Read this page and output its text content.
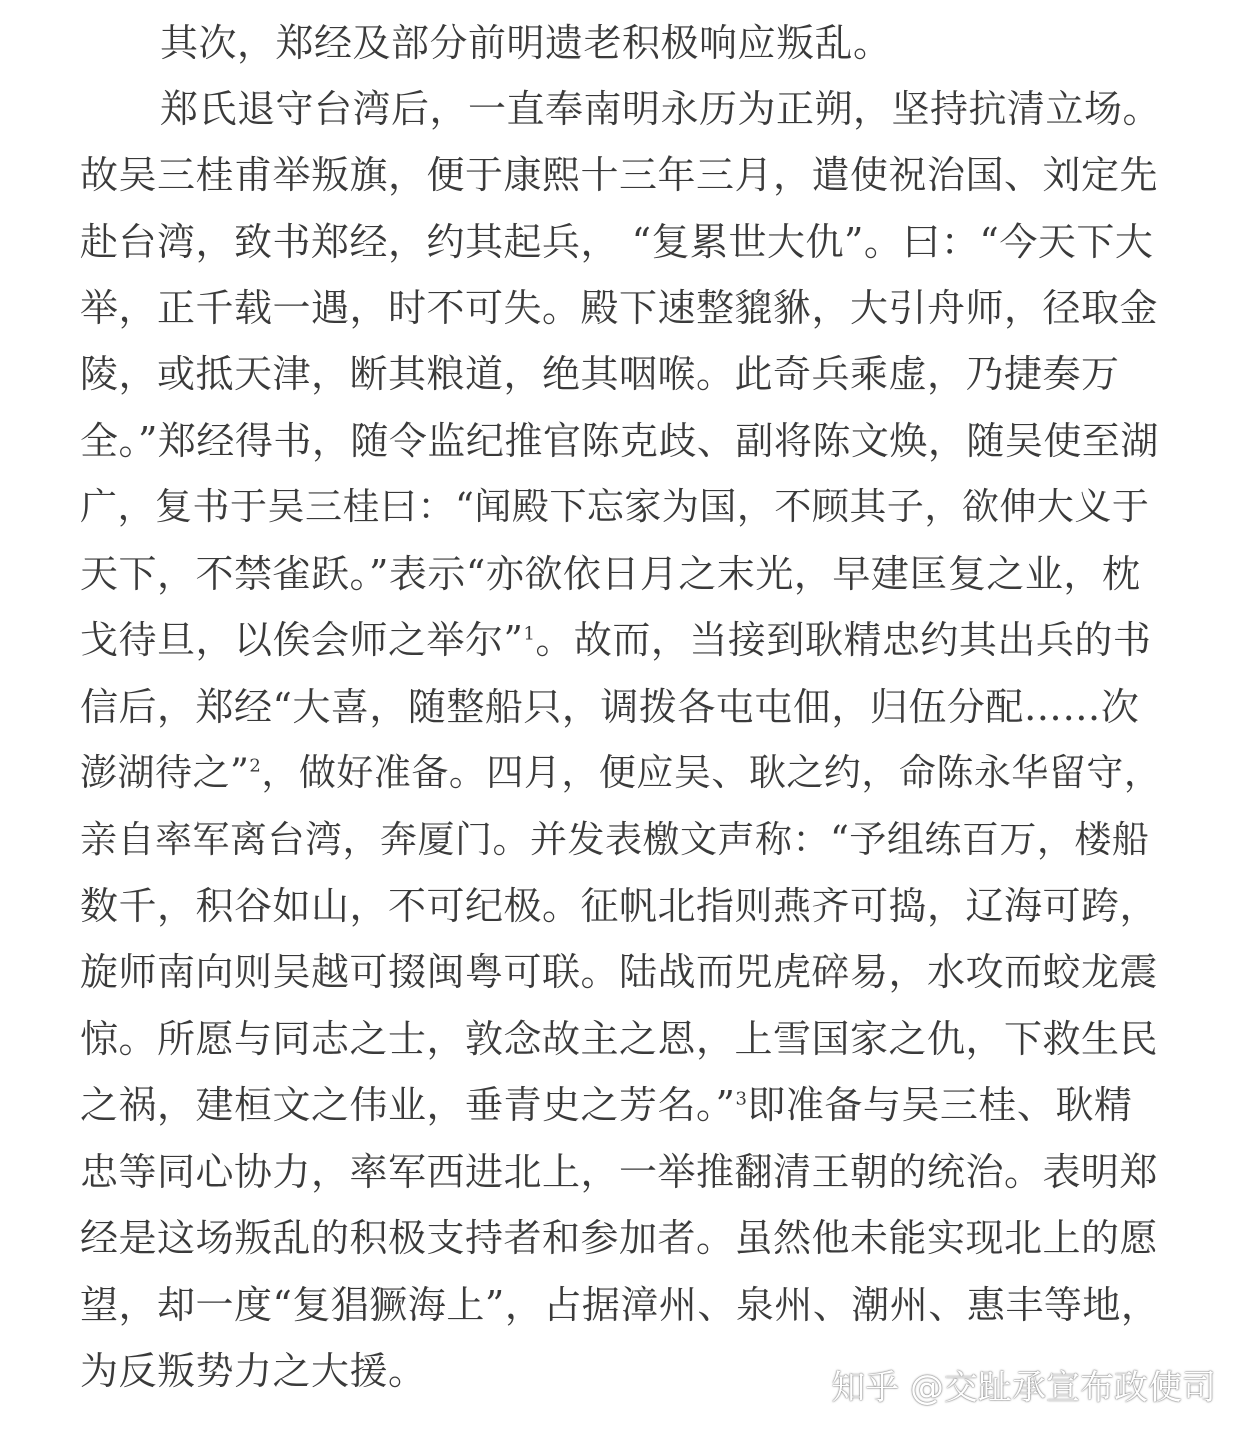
其次，郑经及部分前明遗老积极响应叛乱。
郑氏退守台湾后，一直奉南明永历为正朔，坚持抗清立场。
故吴三桂甫举叛旗，便于康熙十三年三月，遣使祝治国、刘定先
赴台湾，致书郑经，约其起兵， “复累世大仇”。曰：“今天下大
举，正千载一遇，时不可失。殿下速整貔貅，大引舟师，径取金
陵，或抵天津，断其粮道，绝其咽喉。此奇兵乘虚，乃捷奏万
全。”郑经得书，随令监纪推官陈克歧、副将陈文焕，随吴使至湖
广，复书于吴三桂曰：“闻殿下忘家为国，不顾其子，欲伸大义于
天下，不禁雀跃。”表示“亦欲依日月之末光，早建匡复之业，枕
戈待旦，以俟会师之举尔”$^1$。故而，当接到耿精忠约其出兵的书
信后，郑经“大喜，随整船只，调拨各屯屯佃，归伍分配……次
澎湖待之”$^2$，做好准备。四月，便应吴、耿之约，命陈永华留守，
亲自率军离台湾，奔厦门。并发表檄文声称：“予组练百万，楼船
数千，积谷如山，不可纪极。征帆北指则燕齐可捣，辽海可跨，
旋师南向则吴越可掇闽粤可联。陆战而兕虎碎易，水攻而蛟龙震
惊。所愿与同志之士，敦念故主之恩，上雪国家之仇，下救生民
之祸，建桓文之伟业，垂青史之芳名。”$^3$即准备与吴三桂、耿精
忠等同心协力，率军西进北上，一举推翻清王朝的统治。表明郑
经是这场叛乱的积极支持者和参加者。虽然他未能实现北上的愿
望，却一度“复猖獗海上”，占据漳州、泉州、潮州、惠丰等地，
为反叛势力之大援。	知乎 @交趾承宣布政使司
